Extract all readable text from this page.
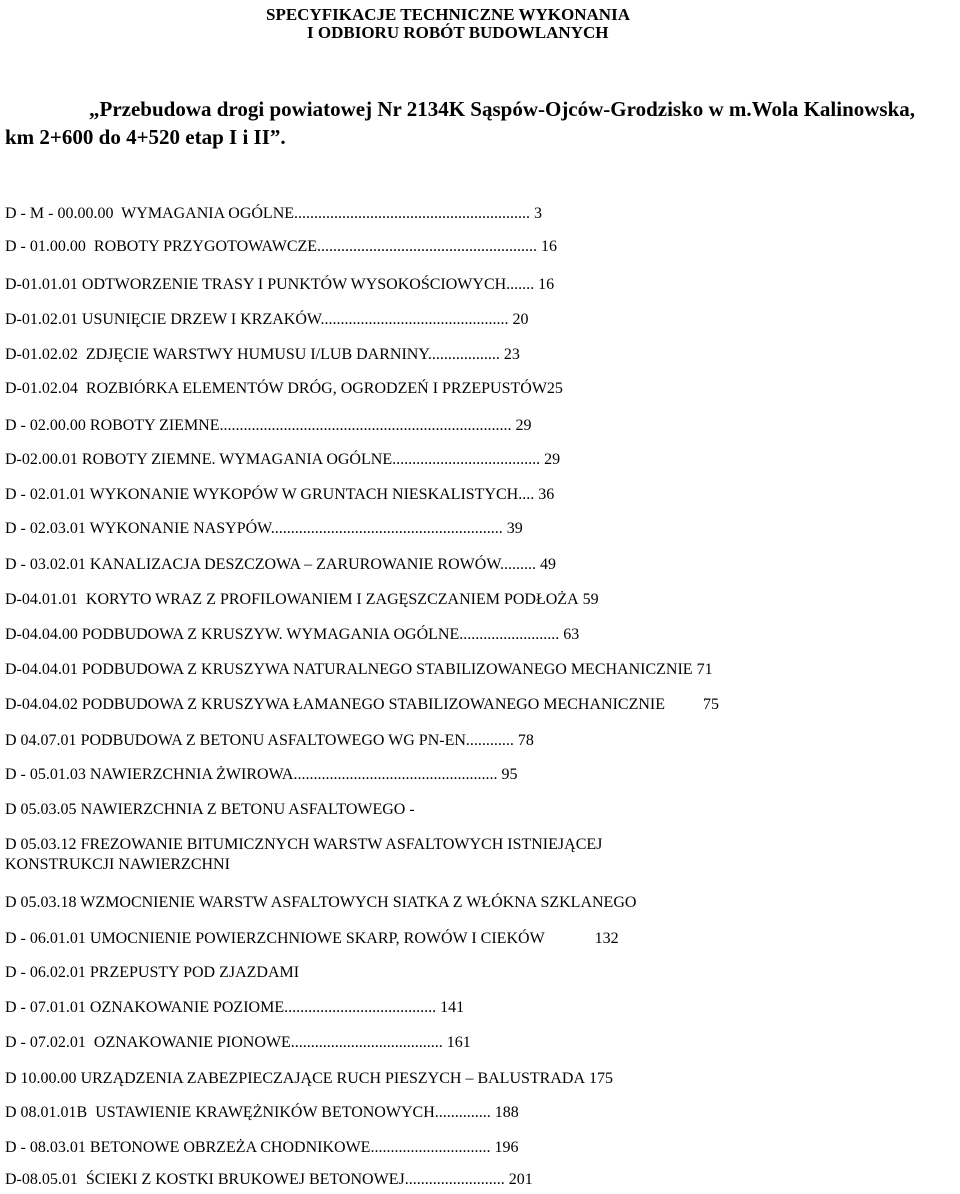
SPECYFIKACJE TECHNICZNE WYKONANIA
I ODBIORU ROBÓT BUDOWLANYCH
„Przebudowa drogi powiatowej Nr 2134K Sąspów-Ojców-Grodzisko w m.Wola Kalinowska,
km 2+600 do 4+520 etap I i II”.
D - M - 00.00.00 WYMAGANIA OGÓLNE........................................................... 3
D - 01.00.00 ROBOTY PRZYGOTOWAWCZE....................................................... 16
D-01.01.01 ODTWORZENIE TRASY I PUNKTÓW WYSOKOŚCIOWYCH....... 16
D-01.02.01 USUNIĘCIE DRZEW I KRZAKÓW............................................... 20
D-01.02.02 ZDJĘCIE WARSTWY HUMUSU I/LUB DARNINY.................. 23
D-01.02.04 ROZBIÓRKA ELEMENTÓW DRÓG, OGRODZEŃ I PRZEPUSTÓW25
D - 02.00.00 ROBOTY ZIEMNE......................................................................... 29
D-02.00.01 ROBOTY ZIEMNE. WYMAGANIA OGÓLNE..................................... 29
D - 02.01.01 WYKONANIE WYKOPÓW W GRUNTACH NIESKALISTYCH.... 36
D - 02.03.01 WYKONANIE NASYPÓW.......................................................... 39
D - 03.02.01 KANALIZACJA DESZCZOWA – ZARUROWANIE ROWÓW......... 49
D-04.01.01 KORYTO WRAZ Z PROFILOWANIEM I ZAGĘSZCZANIEM PODŁOŻA 59
D-04.04.00 PODBUDOWA Z KRUSZYW. WYMAGANIA OGÓLNE......................... 63
D-04.04.01 PODBUDOWA Z KRUSZYWA NATURALNEGO STABILIZOWANEGO MECHANICZNIE 71
D-04.04.02 PODBUDOWA Z KRUSZYWA ŁAMANEGO STABILIZOWANEGO MECHANICZNIE 75
D 04.07.01 PODBUDOWA Z BETONU ASFALTOWEGO WG PN-EN............ 78
D - 05.01.03 NAWIERZCHNIA ŻWIROWA................................................... 95
D 05.03.05 NAWIERZCHNIA Z BETONU ASFALTOWEGO -
D 05.03.12 FREZOWANIE BITUMICZNYCH WARSTW ASFALTOWYCH ISTNIEJĄCEJ
KONSTRUKCJI NAWIERZCHNI
D 05.03.18 WZMOCNIENIE WARSTW ASFALTOWYCH SIATKA Z WŁÓKNA SZKLANEGO
D - 06.01.01 UMOCNIENIE POWIERZCHNIOWE SKARP, ROWÓW I CIEKÓW	132
D - 06.02.01 PRZEPUSTY POD ZJAZDAMI
D - 07.01.01 OZNAKOWANIE POZIOME...................................... 141
D - 07.02.01 OZNAKOWANIE PIONOWE...................................... 161
D 10.00.00 URZĄDZENIA ZABEZPIECZAJĄCE RUCH PIESZYCH – BALUSTRADA 175
D 08.01.01B USTAWIENIE KRAWĘŻNIKÓW BETONOWYCH.............. 188
D - 08.03.01 BETONOWE OBRZEŻA CHODNIKOWE.............................. 196
D-08.05.01 ŚCIEKI Z KOSTKI BRUKOWEJ BETONOWEJ......................... 201
